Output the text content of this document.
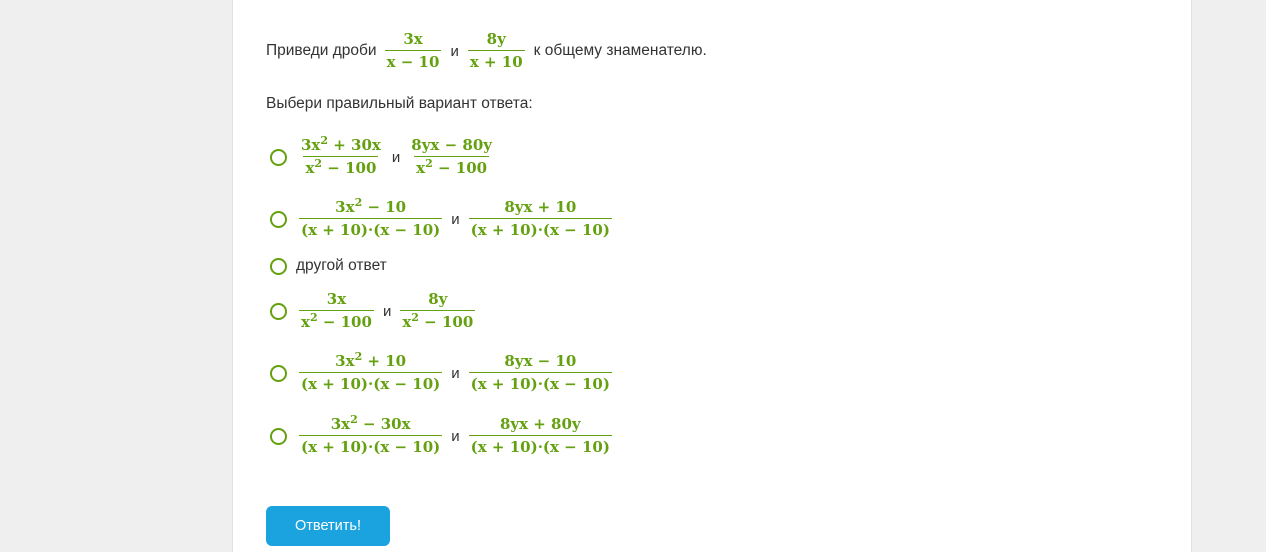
Приведи дроби $\frac{3x}{x - 10}$ и $\frac{8y}{x + 10}$ к общему знаменателю.
Выбери правильный вариант ответа:
$\frac{3x^2 + 30x}{x^2 - 100}$ и $\frac{8yx - 80y}{x^2 - 100}$
$\frac{3x^2 - 10}{(x + 10)\cdot(x - 10)}$ и $\frac{8yx + 10}{(x + 10)\cdot(x - 10)}$
другой ответ
$\frac{3x}{x^2 - 100}$ и $\frac{8y}{x^2 - 100}$
$\frac{3x^2 + 10}{(x + 10)\cdot(x - 10)}$ и $\frac{8yx - 10}{(x + 10)\cdot(x - 10)}$
$\frac{3x^2 - 30x}{(x + 10)\cdot(x - 10)}$ и $\frac{8yx + 80y}{(x + 10)\cdot(x - 10)}$
Ответить!
